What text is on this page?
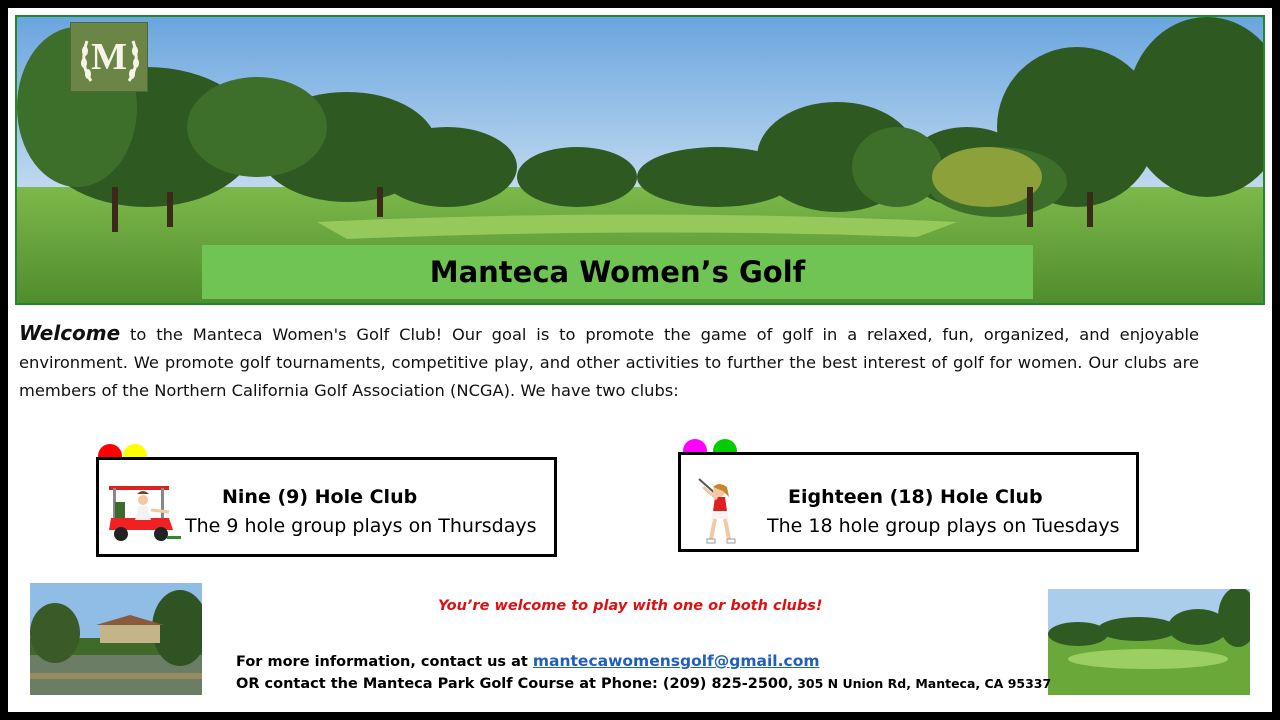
M
Manteca Women’s Golf

Welcome to the Manteca Women's Golf Club! Our goal is to promote the game of golf in a relaxed, fun, organized, and enjoyable environment. We promote golf tournaments, competitive play, and other activities to further the best interest of golf for women. Our clubs are members of the Northern California Golf Association (NCGA). We have two clubs:

Nine (9) Hole Club
The 9 hole group plays on Thursdays
Eighteen (18) Hole Club
The 18 hole group plays on Tuesdays
You’re welcome to play with one or both clubs!
For more information, contact us at mantecawomensgolf@gmail.com
OR contact the Manteca Park Golf Course at Phone: (209) 825-2500, 305 N Union Rd, Manteca, CA 95337
